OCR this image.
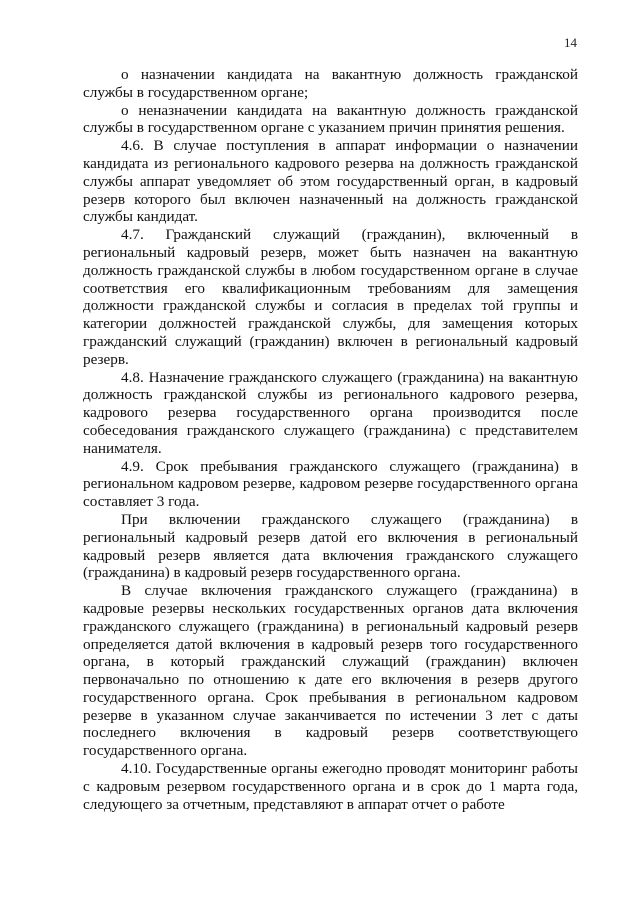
14

о назначении кандидата на вакантную должность гражданской службы в государственном органе;

о неназначении кандидата на вакантную должность гражданской службы в государственном органе с указанием причин принятия решения.

4.6. В случае поступления в аппарат информации о назначении кандидата из регионального кадрового резерва на должность гражданской службы аппарат уведомляет об этом государственный орган, в кадровый резерв которого был включен назначенный на должность гражданской службы кандидат.

4.7. Гражданский служащий (гражданин), включенный в региональный кадровый резерв, может быть назначен на вакантную должность гражданской службы в любом государственном органе в случае соответствия его квалификационным требованиям для замещения должности гражданской службы и согласия в пределах той группы и категории должностей гражданской службы, для замещения которых гражданский служащий (гражданин) включен в региональный кадровый резерв.

4.8. Назначение гражданского служащего (гражданина) на вакантную должность гражданской службы из регионального кадрового резерва, кадрового резерва государственного органа производится после собеседования гражданского служащего (гражданина) с представителем нанимателя.

4.9. Срок пребывания гражданского служащего (гражданина) в региональном кадровом резерве, кадровом резерве государственного органа составляет 3 года.

При включении гражданского служащего (гражданина) в региональный кадровый резерв датой его включения в региональный кадровый резерв является дата включения гражданского служащего (гражданина) в кадровый резерв государственного органа.

В случае включения гражданского служащего (гражданина) в кадровые резервы нескольких государственных органов дата включения гражданского служащего (гражданина) в региональный кадровый резерв определяется датой включения в кадровый резерв того государственного органа, в который гражданский служащий (гражданин) включен первоначально по отношению к дате его включения в резерв другого государственного органа. Срок пребывания в региональном кадровом резерве в указанном случае заканчивается по истечении 3 лет с даты последнего включения в кадровый резерв соответствующего государственного органа.

4.10. Государственные органы ежегодно проводят мониторинг работы с кадровым резервом государственного органа и в срок до 1 марта года, следующего за отчетным, представляют в аппарат отчет о работе
